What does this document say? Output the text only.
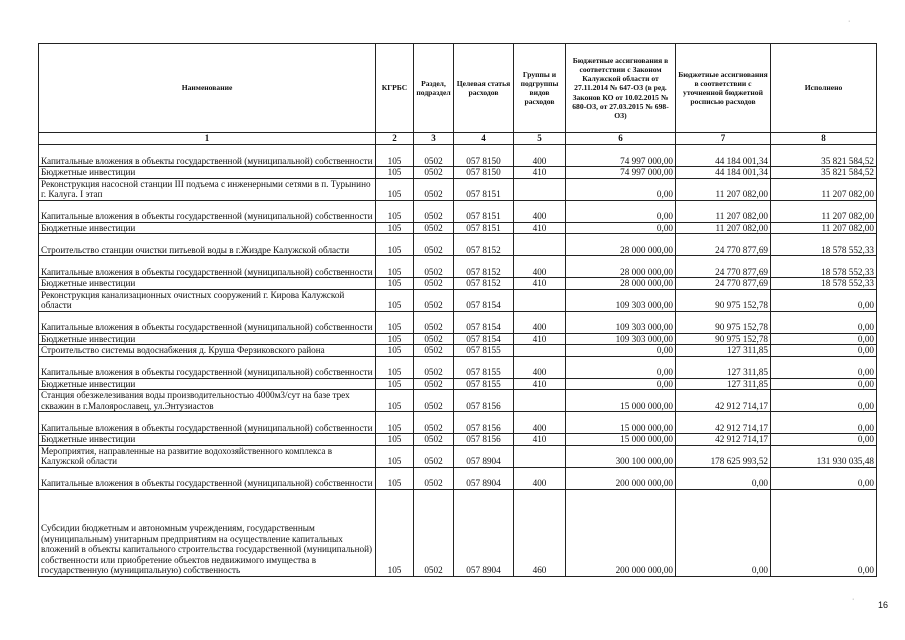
Наименование	КГРБС	Раздел, подраздел	Целевая статья расходов	Группы и подгруппы видов расходов	Бюджетные ассигнования в соответствии с Законом Калужской области от 27.11.2014 № 647-ОЗ (в ред. Законов КО от 10.02.2015 № 680-ОЗ, от 27.03.2015 № 698-ОЗ)	Бюджетные ассигнования в соответствии с уточненной бюджетной росписью расходов	Исполнено
1	2	3	4	5	6	7	8
Капитальные вложения в объекты государственной (муниципальной) собственности	105	0502	057 8150	400	74 997 000,00	44 184 001,34	35 821 584,52
Бюджетные инвестиции	105	0502	057 8150	410	74 997 000,00	44 184 001,34	35 821 584,52
Реконструкция насосной станции III подъема с инженерными сетями в п. Турынино г. Калуга. I этап	105	0502	057 8151		0,00	11 207 082,00	11 207 082,00
Капитальные вложения в объекты государственной (муниципальной) собственности	105	0502	057 8151	400	0,00	11 207 082,00	11 207 082,00
Бюджетные инвестиции	105	0502	057 8151	410	0,00	11 207 082,00	11 207 082,00
Строительство станции очистки питьевой воды в г.Жиздре Калужской области	105	0502	057 8152		28 000 000,00	24 770 877,69	18 578 552,33
Капитальные вложения в объекты государственной (муниципальной) собственности	105	0502	057 8152	400	28 000 000,00	24 770 877,69	18 578 552,33
Бюджетные инвестиции	105	0502	057 8152	410	28 000 000,00	24 770 877,69	18 578 552,33
Реконструкция канализационных очистных сооружений г. Кирова Калужской области	105	0502	057 8154		109 303 000,00	90 975 152,78	0,00
Капитальные вложения в объекты государственной (муниципальной) собственности	105	0502	057 8154	400	109 303 000,00	90 975 152,78	0,00
Бюджетные инвестиции	105	0502	057 8154	410	109 303 000,00	90 975 152,78	0,00
Строительство системы водоснабжения д. Круша Ферзиковского района	105	0502	057 8155		0,00	127 311,85	0,00
Капитальные вложения в объекты государственной (муниципальной) собственности	105	0502	057 8155	400	0,00	127 311,85	0,00
Бюджетные инвестиции	105	0502	057 8155	410	0,00	127 311,85	0,00
Станция обезжелезивания воды производительностью 4000м3/сут на базе трех скважин в г.Малоярославец, ул.Энтузиастов	105	0502	057 8156		15 000 000,00	42 912 714,17	0,00
Капитальные вложения в объекты государственной (муниципальной) собственности	105	0502	057 8156	400	15 000 000,00	42 912 714,17	0,00
Бюджетные инвестиции	105	0502	057 8156	410	15 000 000,00	42 912 714,17	0,00
Мероприятия, направленные на развитие водохозяйственного комплекса в Калужской области	105	0502	057 8904		300 100 000,00	178 625 993,52	131 930 035,48
Капитальные вложения в объекты государственной (муниципальной) собственности	105	0502	057 8904	400	200 000 000,00	0,00	0,00
Субсидии бюджетным и автономным учреждениям, государственным (муниципальным) унитарным предприятиям на осуществление капитальных вложений в объекты капитального строительства государственной (муниципальной) собственности или приобретение объектов недвижимого имущества в государственную (муниципальную) собственность	105	0502	057 8904	460	200 000 000,00	0,00	0,00
16
·
·
